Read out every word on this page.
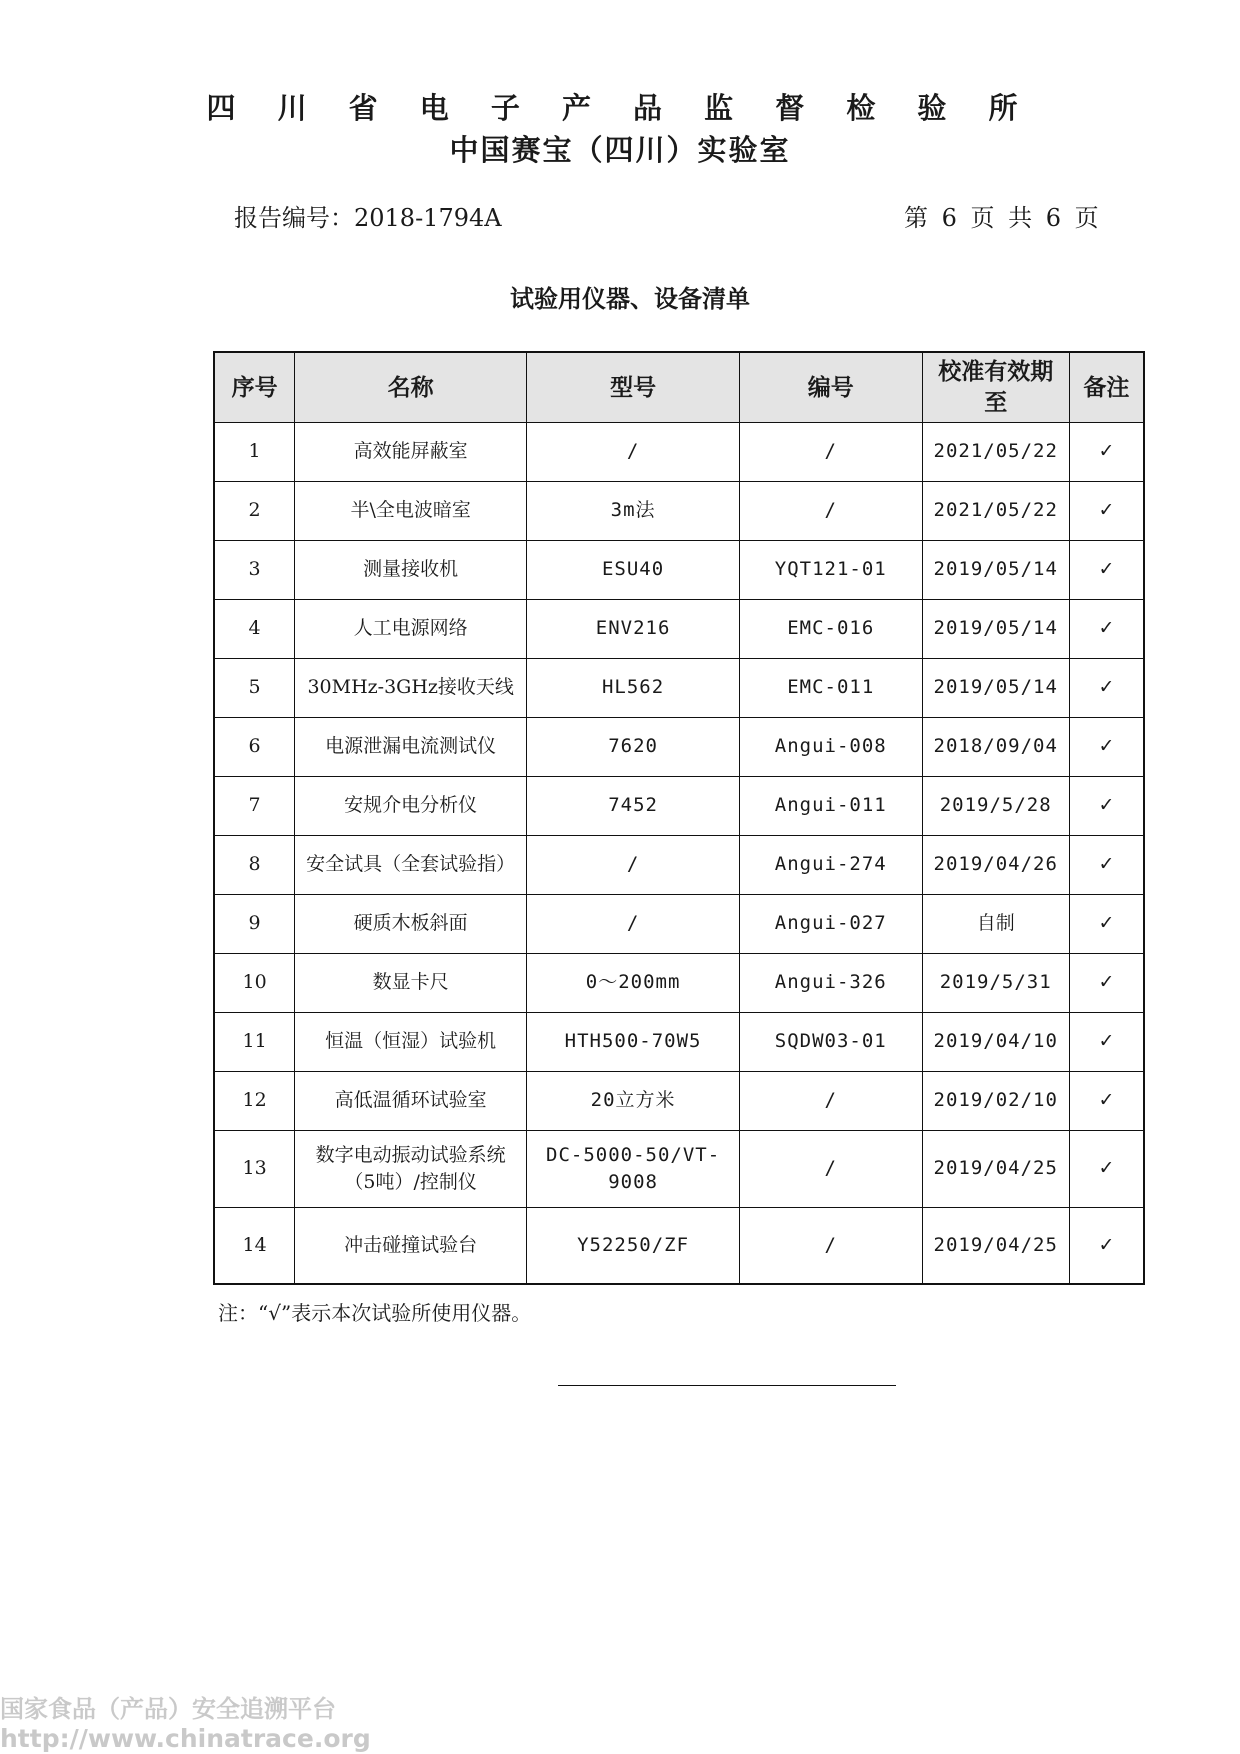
四 川 省 电 子 产 品 监 督 检 验 所
中国赛宝（四川）实验室
报告编号：2018-1794A	第 6 页 共 6 页
试验用仪器、设备清单
序号	名称	型号	编号	校准有效期至	备注
1	高效能屏蔽室	/	/	2021/05/22	✓
2	半\全电波暗室	3m法	/	2021/05/22	✓
3	测量接收机	ESU40	YQT121-01	2019/05/14	✓
4	人工电源网络	ENV216	EMC-016	2019/05/14	✓
5	30MHz-3GHz接收天线	HL562	EMC-011	2019/05/14	✓
6	电源泄漏电流测试仪	7620	Angui-008	2018/09/04	✓
7	安规介电分析仪	7452	Angui-011	2019/5/28	✓
8	安全试具（全套试验指）	/	Angui-274	2019/04/26	✓
9	硬质木板斜面	/	Angui-027	自制	✓
10	数显卡尺	0～200mm	Angui-326	2019/5/31	✓
11	恒温（恒湿）试验机	HTH500-70W5	SQDW03-01	2019/04/10	✓
12	高低温循环试验室	20立方米	/	2019/02/10	✓
13	数字电动振动试验系统（5吨）/控制仪	DC-5000-50/VT-9008	/	2019/04/25	✓
14	冲击碰撞试验台	Y52250/ZF	/	2019/04/25	✓
注：“√”表示本次试验所使用仪器。
国家食品（产品）安全追溯平台
http://www.chinatrace.org
